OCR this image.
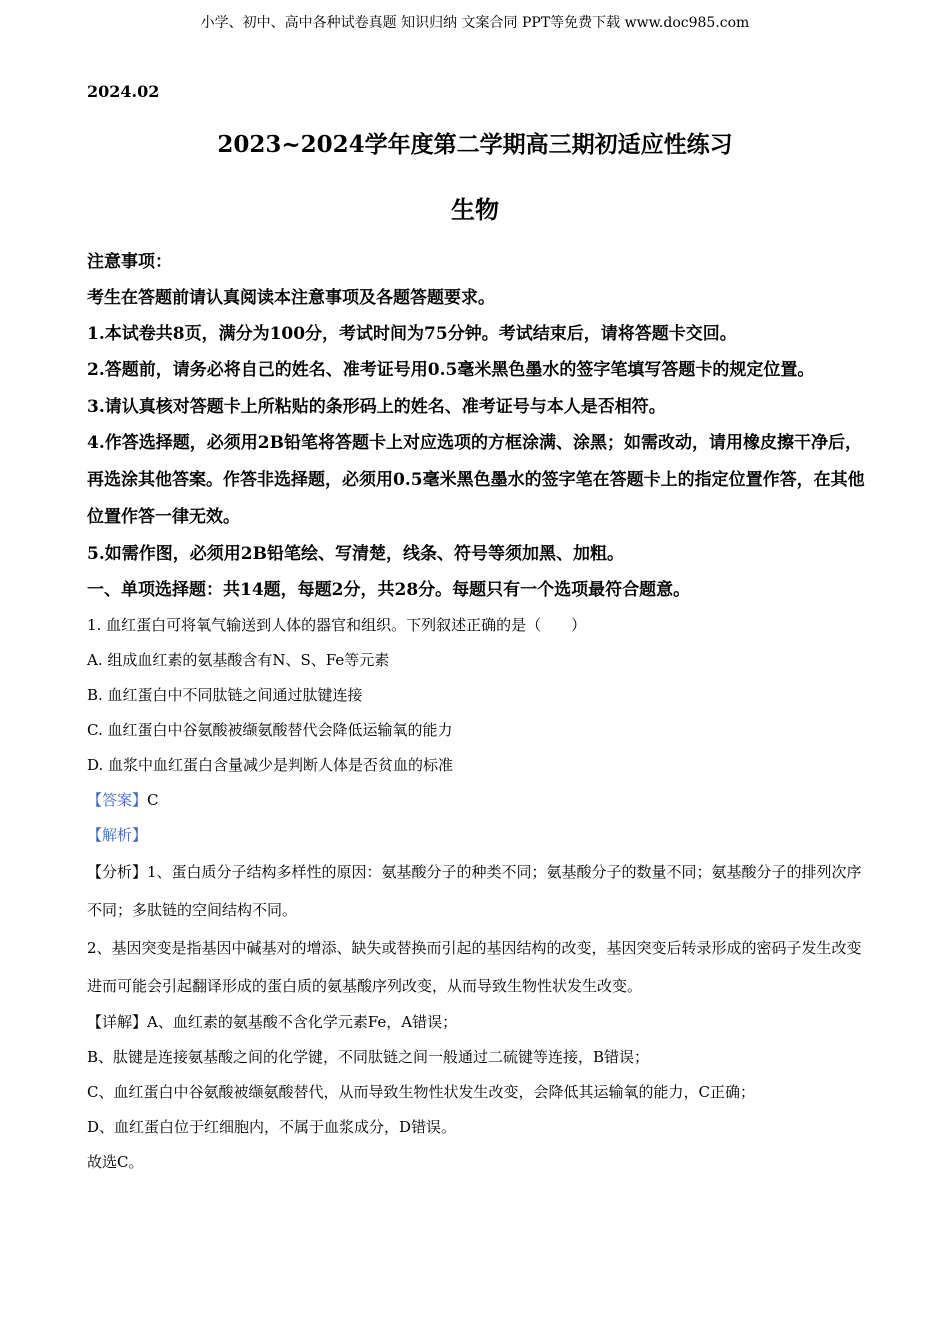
小学、初中、高中各种试卷真题 知识归纳 文案合同 PPT等免费下载 www.doc985.com
2024.02
2023~2024学年度第二学期高三期初适应性练习
生物

注意事项：

考生在答题前请认真阅读本注意事项及各题答题要求。

1.本试卷共8页，满分为100分，考试时间为75分钟。考试结束后，请将答题卡交回。

2.答题前，请务必将自己的姓名、准考证号用0.5毫米黑色墨水的签字笔填写答题卡的规定位置。

3.请认真核对答题卡上所粘贴的条形码上的姓名、准考证号与本人是否相符。

4.作答选择题，必须用2B铅笔将答题卡上对应选项的方框涂满、涂黑；如需改动，请用橡皮擦干净后，再选涂其他答案。作答非选择题，必须用0.5毫米黑色墨水的签字笔在答题卡上的指定位置作答，在其他位置作答一律无效。

5.如需作图，必须用2B铅笔绘、写清楚，线条、符号等须加黑、加粗。

一、单项选择题：共14题，每题2分，共28分。每题只有一个选项最符合题意。

1. 血红蛋白可将氧气输送到人体的器官和组织。下列叙述正确的是（　　）

A. 组成血红素的氨基酸含有N、S、Fe等元素

B. 血红蛋白中不同肽链之间通过肽键连接

C. 血红蛋白中谷氨酸被缬氨酸替代会降低运输氧的能力

D. 血浆中血红蛋白含量减少是判断人体是否贫血的标准

【答案】C

【解析】

【分析】1、蛋白质分子结构多样性的原因：氨基酸分子的种类不同；氨基酸分子的数量不同；氨基酸分子的排列次序不同；多肽链的空间结构不同。

2、基因突变是指基因中碱基对的增添、缺失或替换而引起的基因结构的改变，基因突变后转录形成的密码子发生改变进而可能会引起翻译形成的蛋白质的氨基酸序列改变，从而导致生物性状发生改变。

【详解】A、血红素的氨基酸不含化学元素Fe，A错误；

B、肽键是连接氨基酸之间的化学键，不同肽链之间一般通过二硫键等连接，B错误；

C、血红蛋白中谷氨酸被缬氨酸替代，从而导致生物性状发生改变，会降低其运输氧的能力，C正确；

D、血红蛋白位于红细胞内，不属于血浆成分，D错误。

故选C。
